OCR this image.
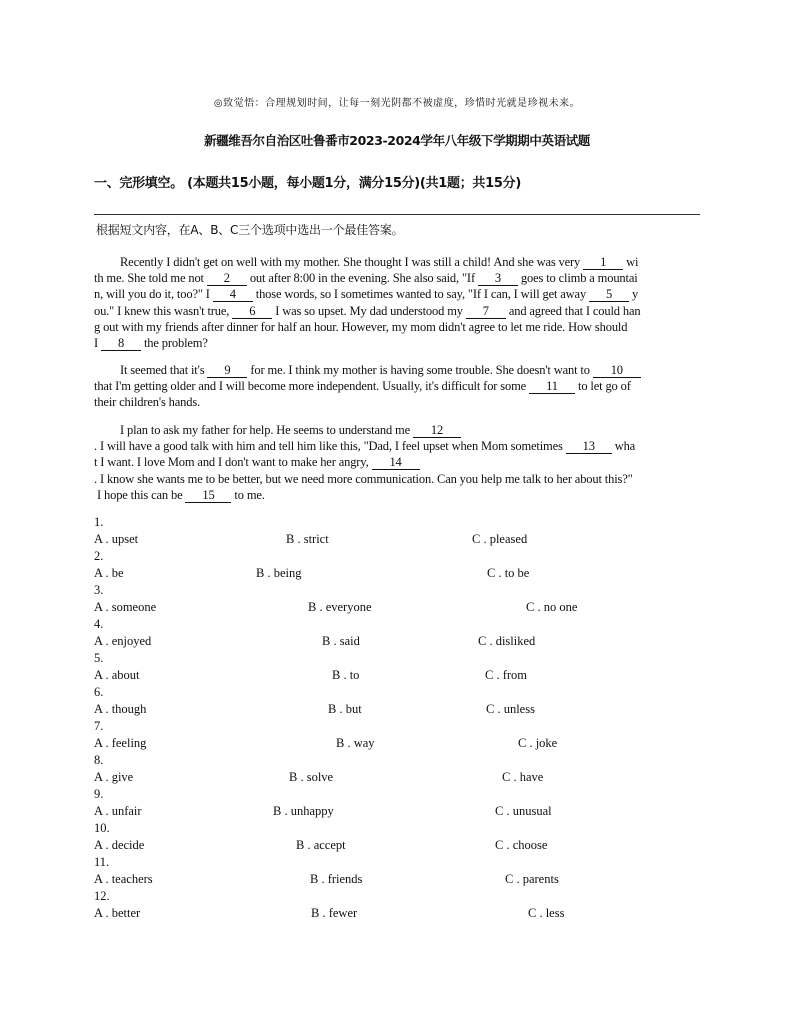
◎致觉悟：合理规划时间，让每一刻光阴都不被虚度，珍惜时光就是珍视未来。
新疆维吾尔自治区吐鲁番市2023-2024学年八年级下学期期中英语试题
一、完形填空。 (本题共15小题，每小题1分，满分15分)(共1题；共15分)
根据短文内容，在A、B、C三个选项中选出一个最佳答案。
Recently I didn't get on well with my mother. She thought I was still a child! And she was very 1 wi
th me. She told me not 2 out after 8:00 in the evening. She also said, "If 3 goes to climb a mountai
n, will you do it, too?" I 4 those words, so I sometimes wanted to say, "If I can, I will get away 5 y
ou." I knew this wasn't true, 6 I was so upset. My dad understood my 7 and agreed that I could han
g out with my friends after dinner for half an hour. However, my mom didn't agree to let me ride. How should
I 8 the problem?
It seemed that it's 9 for me. I think my mother is having some trouble. She doesn't want to 10
that I'm getting older and I will become more independent. Usually, it's difficult for some 11 to let go of
their children's hands.
I plan to ask my father for help. He seems to understand me 12
. I will have a good talk with him and tell him like this, "Dad, I feel upset when Mom sometimes 13 wha
t I want. I love Mom and I don't want to make her angry, 14
. I know she wants me to be better, but we need more communication. Can you help me talk to her about this?"
I hope this can be 15 to me.
1.
A . upset	B . strict	C . pleased
2.
A . be	B . being	C . to be
3.
A . someone	B . everyone	C . no one
4.
A . enjoyed	B . said	C . disliked
5.
A . about	B . to	C . from
6.
A . though	B . but	C . unless
7.
A . feeling	B . way	C . joke
8.
A . give	B . solve	C . have
9.
A . unfair	B . unhappy	C . unusual
10.
A . decide	B . accept	C . choose
11.
A . teachers	B . friends	C . parents
12.
A . better	B . fewer	C . less
